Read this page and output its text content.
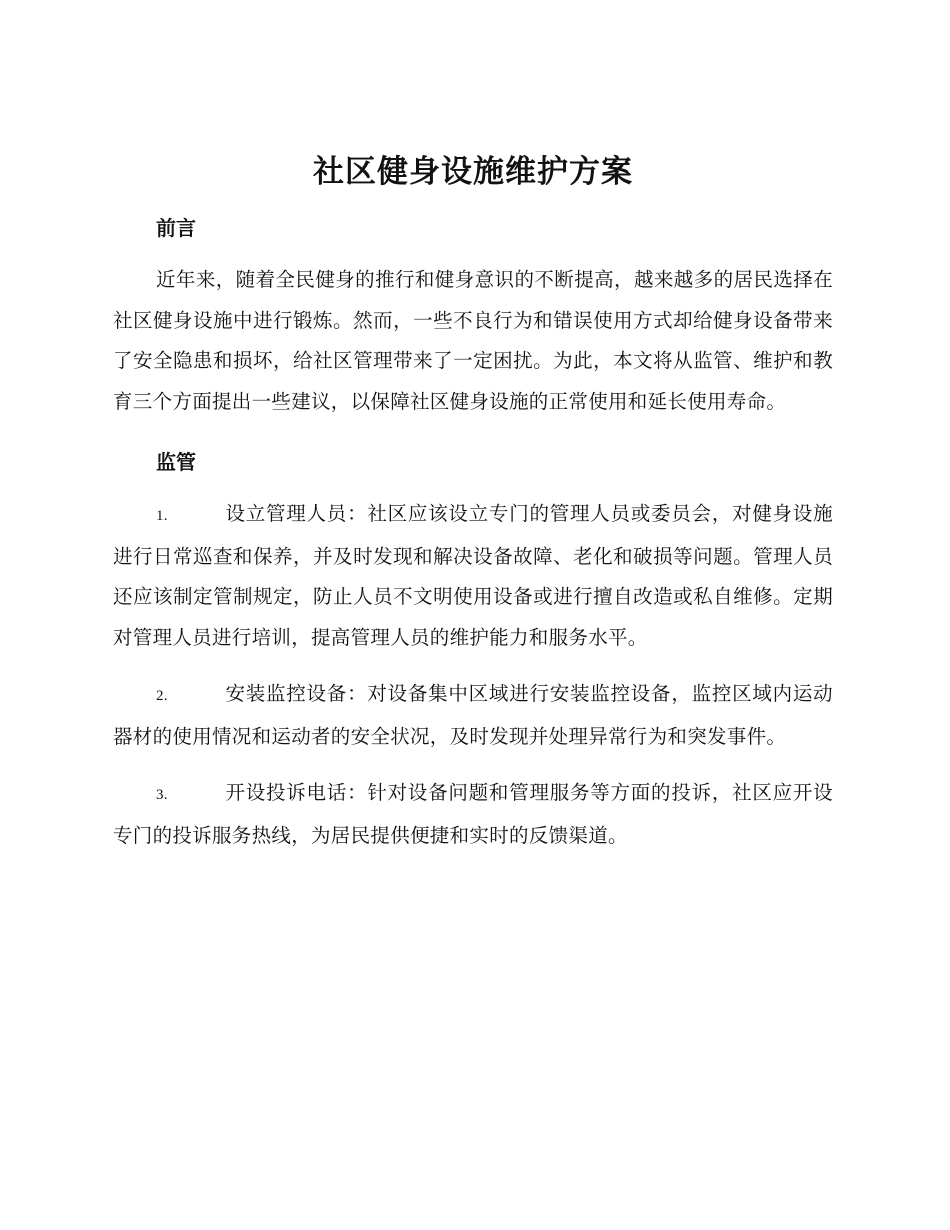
社区健身设施维护方案
前言

近年来，随着全民健身的推行和健身意识的不断提高，越来越多的居民选择在社区健身设施中进行锻炼。然而，一些不良行为和错误使用方式却给健身设备带来了安全隐患和损坏，给社区管理带来了一定困扰。为此，本文将从监管、维护和教育三个方面提出一些建议，以保障社区健身设施的正常使用和延长使用寿命。

监管

1.	设立管理人员：社区应该设立专门的管理人员或委员会，对健身设施进行日常巡查和保养，并及时发现和解决设备故障、老化和破损等问题。管理人员还应该制定管制规定，防止人员不文明使用设备或进行擅自改造或私自维修。定期对管理人员进行培训，提高管理人员的维护能力和服务水平。

2.	安装监控设备：对设备集中区域进行安装监控设备，监控区域内运动器材的使用情况和运动者的安全状况，及时发现并处理异常行为和突发事件。

3.	开设投诉电话：针对设备问题和管理服务等方面的投诉，社区应开设专门的投诉服务热线，为居民提供便捷和实时的反馈渠道。
